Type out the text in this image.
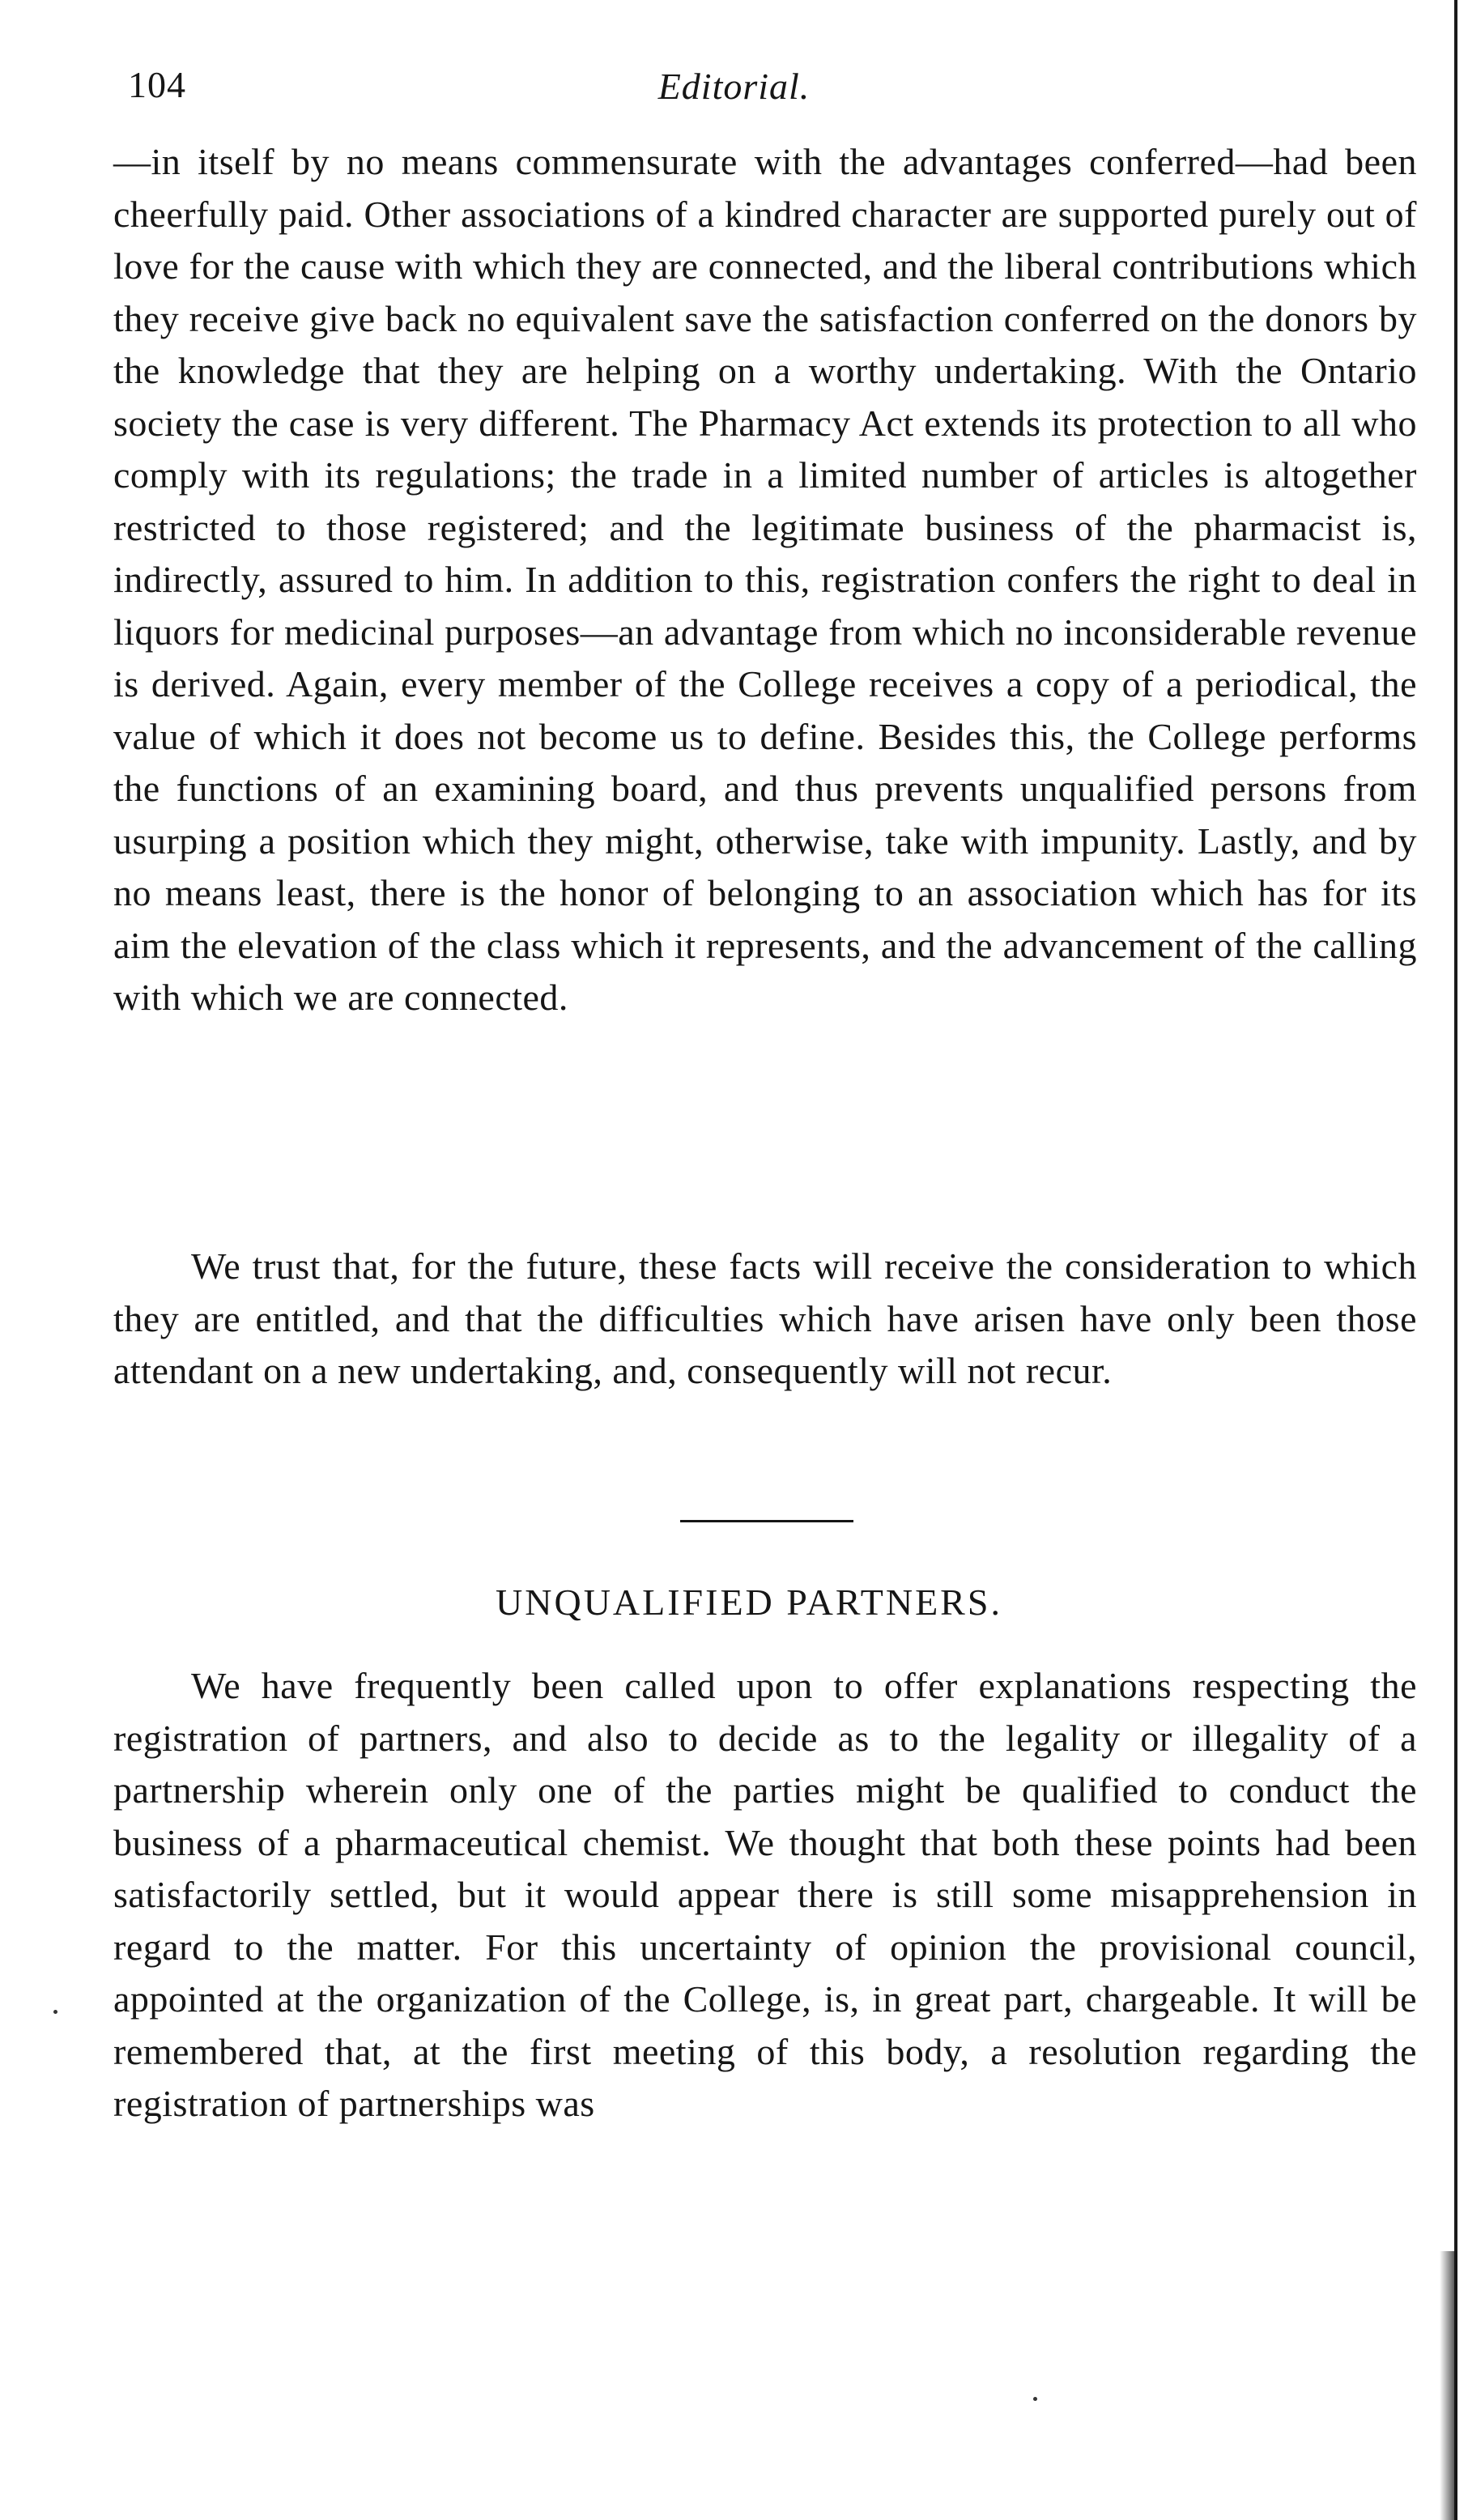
104	Editorial.

—in itself by no means commensurate with the advantages conferred—had been cheerfully paid. Other associations of a kindred character are supported purely out of love for the cause with which they are connected, and the liberal contributions which they receive give back no equivalent save the satisfaction conferred on the donors by the knowledge that they are helping on a worthy undertaking. With the Ontario society the case is very different. The Pharmacy Act extends its protection to all who comply with its regulations; the trade in a limited number of articles is altogether restricted to those registered; and the legitimate business of the pharmacist is, indirectly, assured to him. In addition to this, registration confers the right to deal in liquors for medicinal purposes—an advantage from which no inconsiderable revenue is derived. Again, every member of the College receives a copy of a periodical, the value of which it does not become us to define. Besides this, the College performs the functions of an examining board, and thus prevents unqualified persons from usurping a position which they might, otherwise, take with impunity. Lastly, and by no means least, there is the honor of belonging to an association which has for its aim the elevation of the class which it represents, and the advancement of the calling with which we are connected.

We trust that, for the future, these facts will receive the consideration to which they are entitled, and that the difficulties which have arisen have only been those attendant on a new undertaking, and, consequently will not recur.

UNQUALIFIED PARTNERS.

We have frequently been called upon to offer explanations respecting the registration of partners, and also to decide as to the legality or illegality of a partnership wherein only one of the parties might be qualified to conduct the business of a pharmaceutical chemist. We thought that both these points had been satisfactorily settled, but it would appear there is still some misapprehension in regard to the matter. For this uncertainty of opinion the provisional council, appointed at the organization of the College, is, in great part, chargeable. It will be remembered that, at the first meeting of this body, a resolution regarding the registration of partnerships was
